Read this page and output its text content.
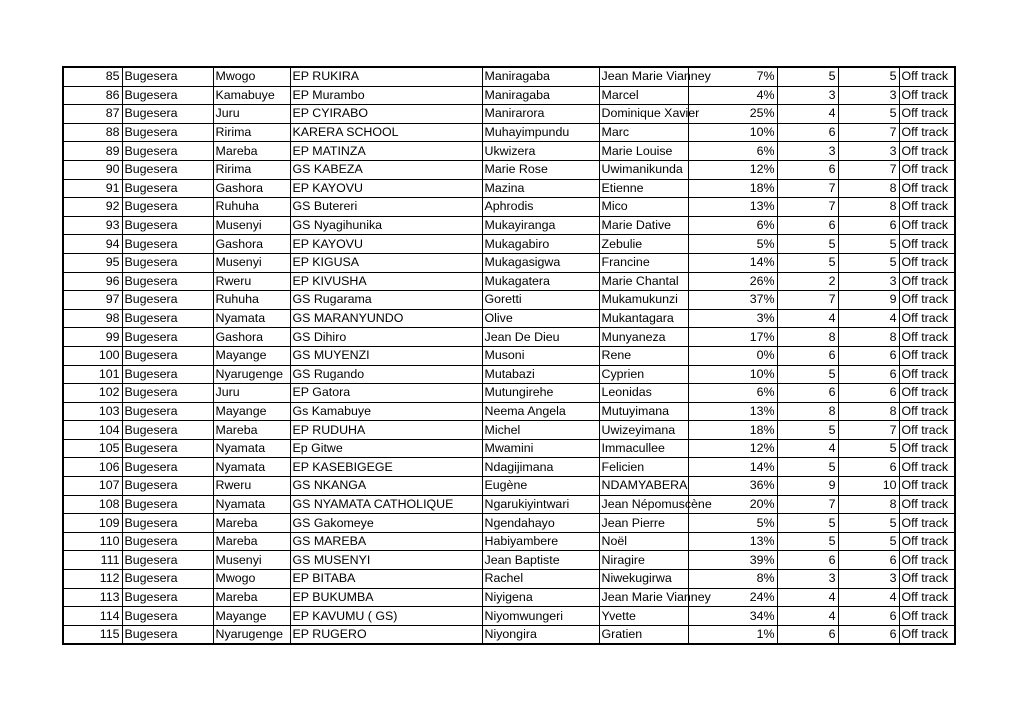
85	Bugesera	Mwogo	EP RUKIRA	Maniragaba	Jean Marie Vianney	7%	5	5	Off track
86	Bugesera	Kamabuye	EP Murambo	Maniragaba	Marcel	4%	3	3	Off track
87	Bugesera	Juru	EP CYIRABO	Manirarora	Dominique Xavier	25%	4	5	Off track
88	Bugesera	Ririma	KARERA SCHOOL	Muhayimpundu	Marc	10%	6	7	Off track
89	Bugesera	Mareba	EP MATINZA	Ukwizera	Marie Louise	6%	3	3	Off track
90	Bugesera	Ririma	GS KABEZA	Marie Rose	Uwimanikunda	12%	6	7	Off track
91	Bugesera	Gashora	EP KAYOVU	Mazina	Etienne	18%	7	8	Off track
92	Bugesera	Ruhuha	GS Butereri	Aphrodis	Mico	13%	7	8	Off track
93	Bugesera	Musenyi	GS Nyagihunika	Mukayiranga	Marie Dative	6%	6	6	Off track
94	Bugesera	Gashora	EP KAYOVU	Mukagabiro	Zebulie	5%	5	5	Off track
95	Bugesera	Musenyi	EP KIGUSA	Mukagasigwa	Francine	14%	5	5	Off track
96	Bugesera	Rweru	EP KIVUSHA	Mukagatera	Marie Chantal	26%	2	3	Off track
97	Bugesera	Ruhuha	GS Rugarama	Goretti	Mukamukunzi	37%	7	9	Off track
98	Bugesera	Nyamata	GS MARANYUNDO	Olive	Mukantagara	3%	4	4	Off track
99	Bugesera	Gashora	GS Dihiro	Jean De Dieu	Munyaneza	17%	8	8	Off track
100	Bugesera	Mayange	GS MUYENZI	Musoni	Rene	0%	6	6	Off track
101	Bugesera	Nyarugenge	GS Rugando	Mutabazi	Cyprien	10%	5	6	Off track
102	Bugesera	Juru	EP Gatora	Mutungirehe	Leonidas	6%	6	6	Off track
103	Bugesera	Mayange	Gs Kamabuye	Neema Angela	Mutuyimana	13%	8	8	Off track
104	Bugesera	Mareba	EP RUDUHA	Michel	Uwizeyimana	18%	5	7	Off track
105	Bugesera	Nyamata	Ep Gitwe	Mwamini	Immacullee	12%	4	5	Off track
106	Bugesera	Nyamata	EP KASEBIGEGE	Ndagijimana	Felicien	14%	5	6	Off track
107	Bugesera	Rweru	GS NKANGA	Eugène	NDAMYABERA	36%	9	10	Off track
108	Bugesera	Nyamata	GS NYAMATA CATHOLIQUE	Ngarukiyintwari	Jean Népomuscène	20%	7	8	Off track
109	Bugesera	Mareba	GS Gakomeye	Ngendahayo	Jean Pierre	5%	5	5	Off track
110	Bugesera	Mareba	GS MAREBA	Habiyambere	Noël	13%	5	5	Off track
111	Bugesera	Musenyi	GS MUSENYI	Jean Baptiste	Niragire	39%	6	6	Off track
112	Bugesera	Mwogo	EP BITABA	Rachel	Niwekugirwa	8%	3	3	Off track
113	Bugesera	Mareba	EP BUKUMBA	Niyigena	Jean Marie Vianney	24%	4	4	Off track
114	Bugesera	Mayange	EP KAVUMU ( GS)	Niyomwungeri	Yvette	34%	4	6	Off track
115	Bugesera	Nyarugenge	EP RUGERO	Niyongira	Gratien	1%	6	6	Off track
